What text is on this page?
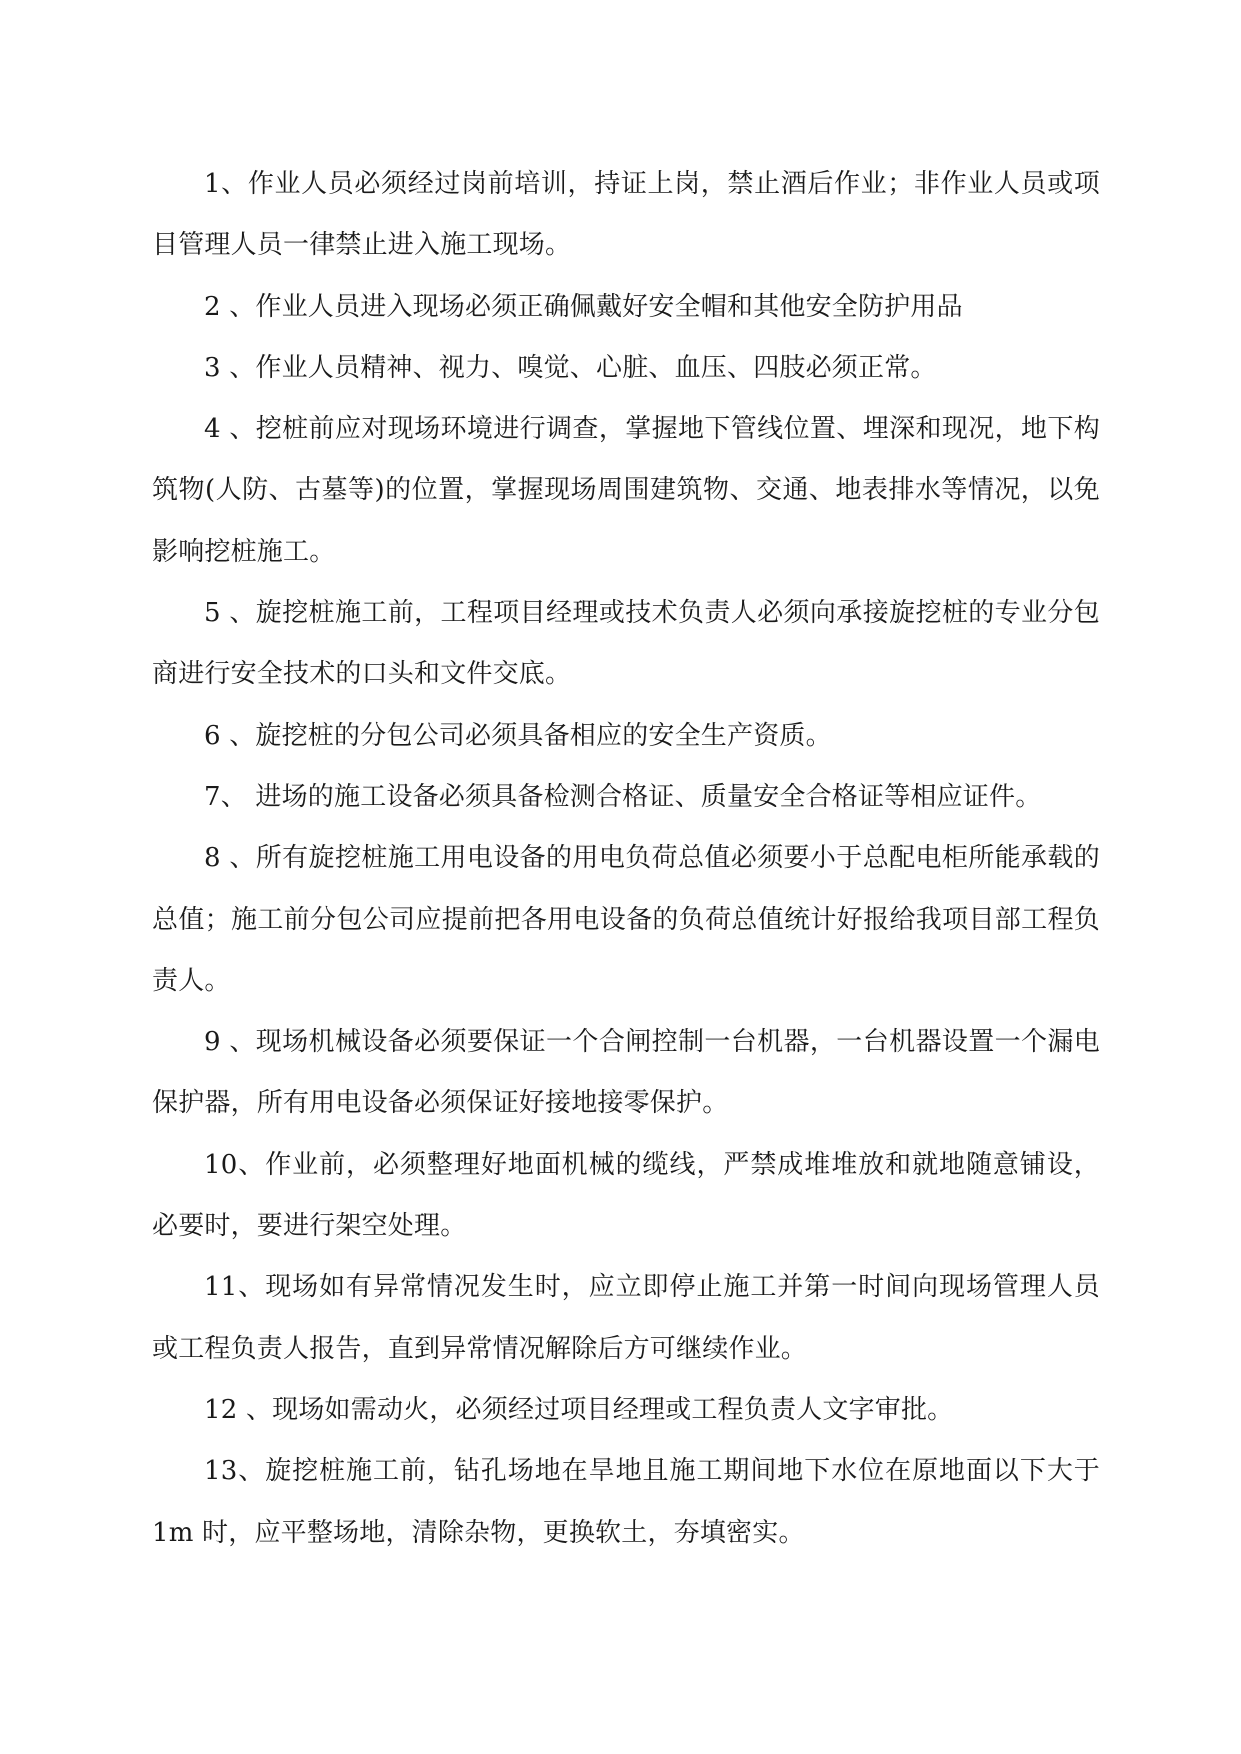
1、作业人员必须经过岗前培训，持证上岗，禁止酒后作业；非作业人员或项目管理人员一律禁止进入施工现场。

2 、作业人员进入现场必须正确佩戴好安全帽和其他安全防护用品

3 、作业人员精神、视力、嗅觉、心脏、血压、四肢必须正常。

4 、挖桩前应对现场环境进行调查，掌握地下管线位置、埋深和现况，地下构筑物(人防、古墓等)的位置，掌握现场周围建筑物、交通、地表排水等情况，以免影响挖桩施工。

5 、旋挖桩施工前，工程项目经理或技术负责人必须向承接旋挖桩的专业分包商进行安全技术的口头和文件交底。

6 、旋挖桩的分包公司必须具备相应的安全生产资质。

7、 进场的施工设备必须具备检测合格证、质量安全合格证等相应证件。

8 、所有旋挖桩施工用电设备的用电负荷总值必须要小于总配电柜所能承载的总值；施工前分包公司应提前把各用电设备的负荷总值统计好报给我项目部工程负责人。

9 、现场机械设备必须要保证一个合闸控制一台机器，一台机器设置一个漏电保护器，所有用电设备必须保证好接地接零保护。

10、作业前，必须整理好地面机械的缆线，严禁成堆堆放和就地随意铺设，必要时，要进行架空处理。

11、现场如有异常情况发生时，应立即停止施工并第一时间向现场管理人员或工程负责人报告，直到异常情况解除后方可继续作业。

12 、现场如需动火，必须经过项目经理或工程负责人文字审批。

13、旋挖桩施工前，钻孔场地在旱地且施工期间地下水位在原地面以下大于 1m 时，应平整场地，清除杂物，更换软土，夯填密实。
